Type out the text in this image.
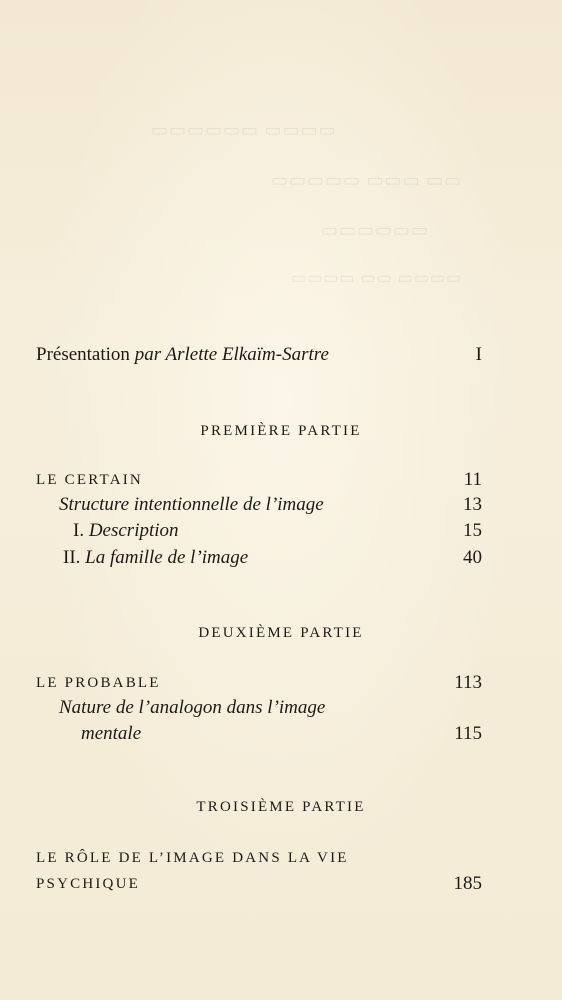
▭▭▭▭ ▭▭▭▭▭▭
▭▭ ▭▭▭ ▭▭▭▭▭
▭▭▭▭▭▭
▭▭▭▭ ▭▭ ▭▭▭▭
Présentation par Arlette Elkaïm-Sartre	I
PREMIÈRE PARTIE
LE CERTAIN	11
Structure intentionnelle de l’image	13
I. Description	15
II. La famille de l’image	40
DEUXIÈME PARTIE
LE PROBABLE	113
Nature de l’analogon dans l’image
mentale	115
TROISIÈME PARTIE
LE RÔLE DE L’IMAGE DANS LA VIE
PSYCHIQUE	185
